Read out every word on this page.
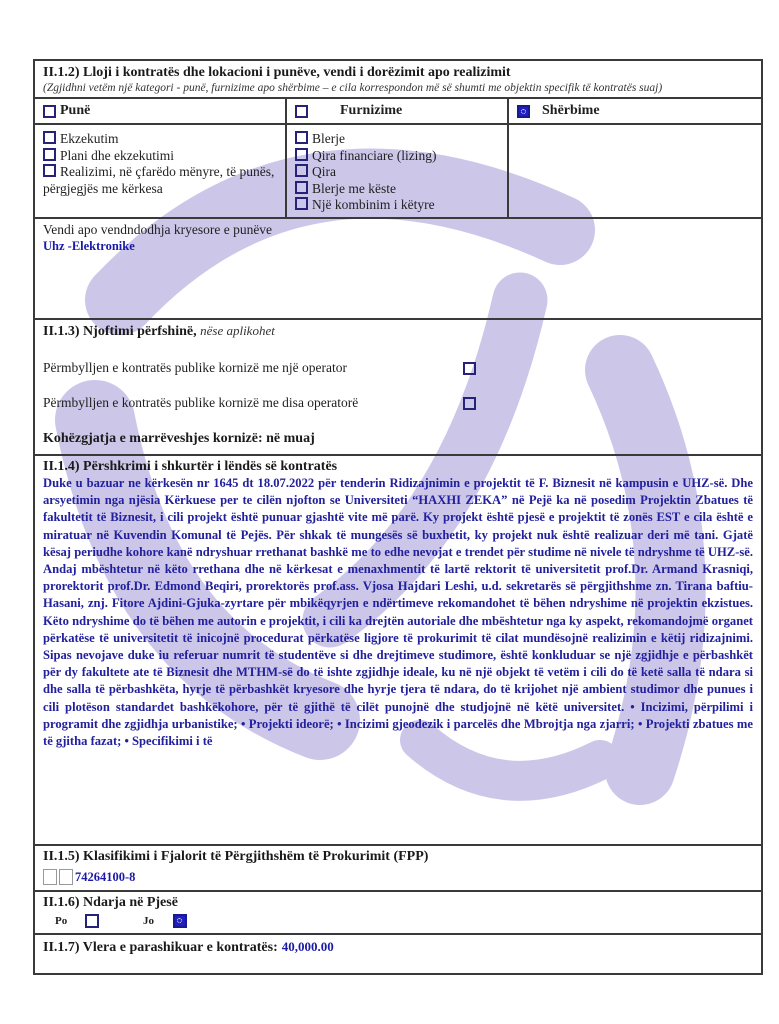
II.1.2) Lloji i kontratës dhe lokacioni i punëve, vendi i dorëzimit apo realizimit
(Zgjidhni vetëm një kategori - punë, furnizime apo shërbime – e cila korrespondon më së shumti me objektin specifik të kontratës suaj)
Punë
Ekzekutim
Plani dhe ekzekutimi
Realizimi, në çfarëdo mënyre, të punës, përgjegjës me kërkesa
Furnizime
Blerje
Qira financiare (lizing)
Qira
Blerje me këste
Një kombinim i këtyre
Shërbime
Vendi apo vendndodhja kryesore e punëve
Uhz -Elektronike
II.1.3) Njoftimi përfshinë, nëse aplikohet
Përmbylljen e kontratës publike kornizë me një operator
Përmbylljen e kontratës publike kornizë me disa operatorë
Kohëzgjatja e marrëveshjes kornizë: në muaj
II.1.4) Përshkrimi i shkurtër i lëndës së kontratës
Duke u bazuar ne kërkesën nr 1645 dt 18.07.2022 për tenderin Ridizajnimin e projektit të F. Biznesit në kampusin e UHZ-së. Dhe arsyetimin nga njësia Kërkuese per te cilën njofton se Universiteti “HAXHI ZEKA” në Pejë ka në posedim Projektin Zbatues të fakultetit të Biznesit, i cili projekt është punuar gjashtë vite më parë. Ky projekt është pjesë e projektit të zonës EST e cila është e miratuar në Kuvendin Komunal të Pejës. Për shkak të mungesës së buxhetit, ky projekt nuk është realizuar deri më tani. Gjatë kësaj periudhe kohore kanë ndryshuar rrethanat bashkë me to edhe nevojat e trendet për studime në nivele të ndryshme të UHZ-së. Andaj mbështetur në këto rrethana dhe në kërkesat e menaxhmentit të lartë rektorit të universitetit prof.Dr. Armand Krasniqi, prorektorit prof.Dr. Edmond Beqiri, prorektorës prof.ass. Vjosa Hajdari Leshi, u.d. sekretarës së përgjithshme zn. Tirana baftiu-Hasani, znj. Fitore Ajdini-Gjuka-zyrtare për mbikëqyrjen e ndërtimeve rekomandohet të bëhen ndryshime në projektin ekzistues. Këto ndryshime do të bëhen me autorin e projektit, i cili ka drejtën autoriale dhe mbështetur nga ky aspekt, rekomandojmë organet përkatëse të universitetit të inicojnë procedurat përkatëse ligjore të prokurimit të cilat mundësojnë realizimin e këtij ridizajnimi. Sipas nevojave duke iu referuar numrit të studentëve si dhe drejtimeve studimore, është konkluduar se një zgjidhje e përbashkët për dy fakultete ate të Biznesit dhe MTHM-së do të ishte zgjidhje ideale, ku në një objekt të vetëm i cili do të ketë salla të ndara si dhe salla të përbashkëta, hyrje të përbashkët kryesore dhe hyrje tjera të ndara, do të krijohet një ambient studimor dhe punues i cili plotëson standardet bashkëkohore, për të gjithë të cilët punojnë dhe studjojnë në këtë universitet. • Incizimi, përpilimi i programit dhe zgjidhja urbanistike; • Projekti ideorë; • Incizimi gjeodezik i parcelës dhe Mbrojtja nga zjarri; • Projekti zbatues me të gjitha fazat; • Specifikimi i të
II.1.5) Klasifikimi i Fjalorit të Përgjithshëm të Prokurimit (FPP)
74264100-8
II.1.6) Ndarja në Pjesë
Po	Jo
II.1.7) Vlera e parashikuar e kontratës: 40,000.00
